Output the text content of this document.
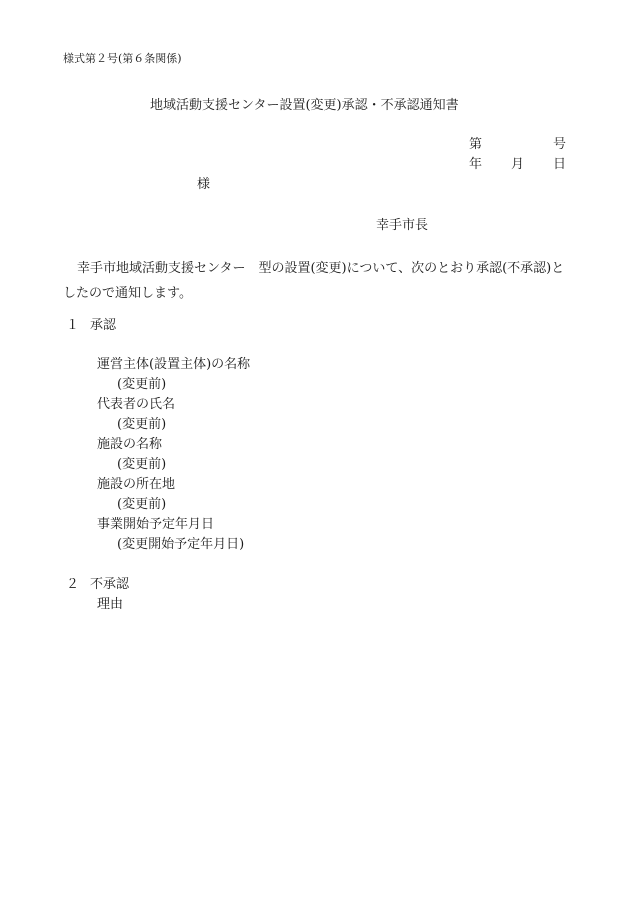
様式第２号(第６条関係)
地域活動支援センター設置(変更)承認・不承認通知書
第	号
年 月 日
様
幸手市長
幸手市地域活動支援センター 型の設置(変更)について、次のとおり承認(不承認)としたので通知します。
１ 承認
運営主体(設置主体)の名称
(変更前)
代表者の氏名
(変更前)
施設の名称
(変更前)
施設の所在地
(変更前)
事業開始予定年月日
(変更開始予定年月日)
２ 不承認
理由
